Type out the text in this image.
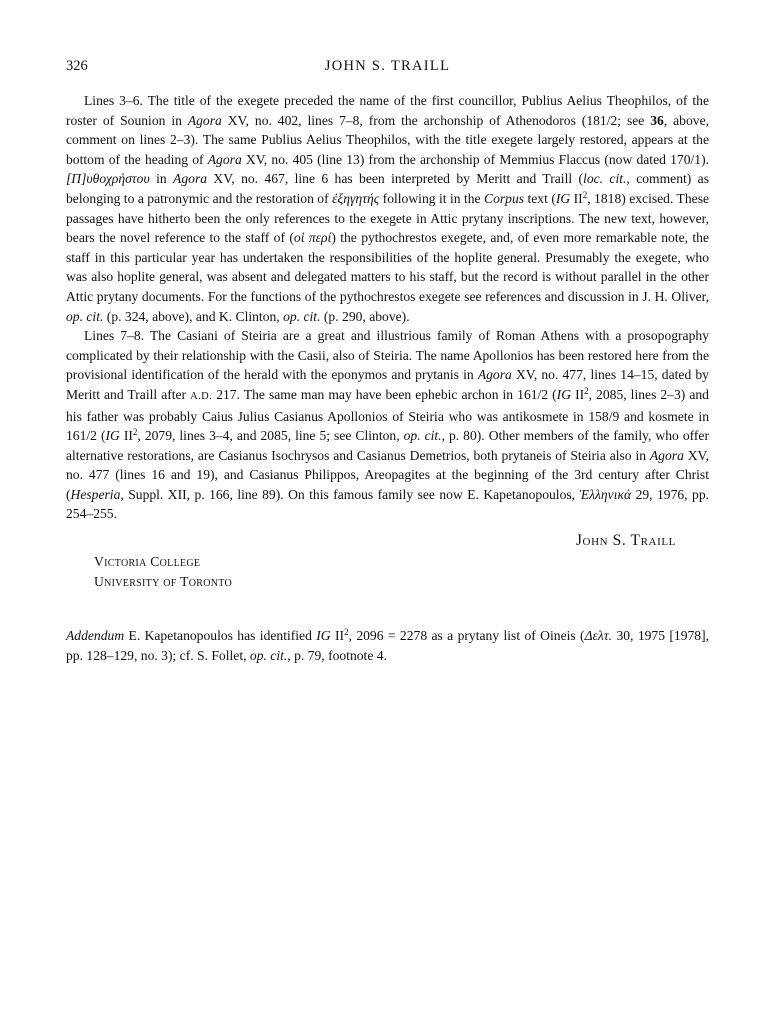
326	JOHN S. TRAILL

Lines 3–6. The title of the exegete preceded the name of the first councillor, Publius Aelius Theophilos, of the roster of Sounion in Agora XV, no. 402, lines 7–8, from the archonship of Athenodoros (181/2; see 36, above, comment on lines 2–3). The same Publius Aelius Theophilos, with the title exegete largely restored, appears at the bottom of the heading of Agora XV, no. 405 (line 13) from the archonship of Memmius Flaccus (now dated 170/1). [Π]υθοχρήστου in Agora XV, no. 467, line 6 has been interpreted by Meritt and Traill (loc. cit., comment) as belonging to a patronymic and the restoration of ἐξηγητής following it in the Corpus text (IG $II^2$, 1818) excised. These passages have hitherto been the only references to the exegete in Attic prytany inscriptions. The new text, however, bears the novel reference to the staff of (οἱ περί) the pythochrestos exegete, and, of even more remarkable note, the staff in this particular year has undertaken the responsibilities of the hoplite general. Presumably the exegete, who was also hoplite general, was absent and delegated matters to his staff, but the record is without parallel in the other Attic prytany documents. For the functions of the pythochrestos exegete see references and discussion in J. H. Oliver, op. cit. (p. 324, above), and K. Clinton, op. cit. (p. 290, above).

Lines 7–8. The Casiani of Steiria are a great and illustrious family of Roman Athens with a prosopography complicated by their relationship with the Casii, also of Steiria. The name Apollonios has been restored here from the provisional identification of the herald with the eponymos and prytanis in Agora XV, no. 477, lines 14–15, dated by Meritt and Traill after A.D. 217. The same man may have been ephebic archon in 161/2 (IG $II^2$, 2085, lines 2–3) and his father was probably Caius Julius Casianus Apollonios of Steiria who was antikosmete in 158/9 and kosmete in 161/2 (IG $II^2$, 2079, lines 3–4, and 2085, line 5; see Clinton, op. cit., p. 80). Other members of the family, who offer alternative restorations, are Casianus Isochrysos and Casianus Demetrios, both prytaneis of Steiria also in Agora XV, no. 477 (lines 16 and 19), and Casianus Philippos, Areopagites at the beginning of the 3rd century after Christ (Hesperia, Suppl. XII, p. 166, line 89). On this famous family see now E. Kapetanopoulos, Ἑλληνικά 29, 1976, pp. 254–255.

John S. Traill
Victoria College
University of Toronto
Addendum E. Kapetanopoulos has identified IG $II^2$, 2096 = 2278 as a prytany list of Oineis (Δελτ. 30, 1975 [1978], pp. 128–129, no. 3); cf. S. Follet, op. cit., p. 79, footnote 4.
